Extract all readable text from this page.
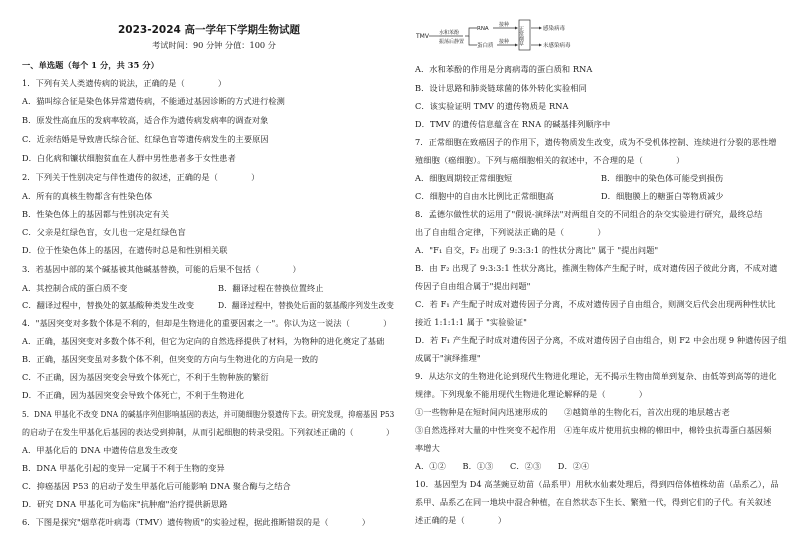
2023-2024 高一学年下学期生物试题
考试时间：90 分钟 分值：100 分
一、单选题（每个 1 分，共 35 分）
1．下列有关人类遗传病的说法，正确的是（　　　　）
A．猫叫综合征是染色体异常遗传病，不能通过基因诊断的方式进行检测
B．原发性高血压的发病率较高，适合作为遗传病发病率的调查对象
C．近亲结婚是导致唐氏综合征、红绿色盲等遗传病发生的主要原因
D．白化病和镰状细胞贫血在人群中男性患者多于女性患者
2．下列关于性别决定与伴性遗传的叙述，正确的是（　　　　）
A．所有的真核生物都含有性染色体
B．性染色体上的基因都与性别决定有关
C．父亲是红绿色盲，女儿也一定是红绿色盲
D．位于性染色体上的基因，在遗传时总是和性别相关联
3．若基因中部的某个碱基被其他碱基替换，可能的后果不包括（　　　　）
A．其控制合成的蛋白质不变	B．翻译过程在替换位置终止
C．翻译过程中，替换处的氨基酸种类发生改变	D．翻译过程中，替换处后面的氨基酸序列发生改变
4．"基因突变对多数个体是不利的，但却是生物进化的重要因素之一"。你认为这一说法（　　　　）
A．正确，基因突变对多数个体不利，但它为定向的自然选择提供了材料，为物种的进化奠定了基础
B．正确，基因突变虽对多数个体不利，但突变的方向与生物进化的方向是一致的
C．不正确，因为基因突变会导致个体死亡，不利于生物种族的繁衍
D．不正确，因为基因突变会导致个体死亡，不利于生物进化
5．DNA 甲基化不改变 DNA 的碱基序列但影响基因的表达，并可随细胞分裂遗传下去。研究发现，抑癌基因 P53
的启动子在发生甲基化后基因的表达受到抑制，从而引起细胞的转录受阻。下列叙述正确的（　　　　）
A．甲基化后的 DNA 中遗传信息发生改变
B．DNA 甲基化引起的变异一定属于不利于生物的变异
C．抑癌基因 P53 的启动子发生甲基化后可能影响 DNA 聚合酶与之结合
D．研究 DNA 甲基化可为临床"抗肿瘤"治疗提供新思路
6．下图是探究"烟草花叶病毒（TMV）遗传物质"的实验过程，据此推断错误的是（　　　　）
TMV 水和苯酚
振荡后静置
RNA
蛋白质
接种
接种 正常烟草	感染病毒
未感染病毒
A．水和苯酚的作用是分离病毒的蛋白质和 RNA
B．设计思路和肺炎链球菌的体外转化实验相同
C．该实验证明 TMV 的遗传物质是 RNA
D．TMV 的遗传信息蕴含在 RNA 的碱基排列顺序中
7．正常细胞在致癌因子的作用下，遗传物质发生改变，成为不受机体控制、连续进行分裂的恶性增
殖细胞（癌细胞）。下列与癌细胞相关的叙述中，不合理的是（　　　　）
A．细胞周期较正常细胞短	B．细胞中的染色体可能受到损伤
C．细胞中的自由水比例比正常细胞高	D．细胞膜上的糖蛋白等物质减少
8．孟德尔做性状的运用了"假说-演绎法"对两组自交的不同组合的杂交实验进行研究，最终总结
出了自由组合定律，下列说法正确的是（　　　　）
A．"F₁ 自交，F₂ 出现了 9:3:3:1 的性状分离比" 属于 "提出问题"
B．由 F₂ 出现了 9:3:3:1 性状分离比，推测生物体产生配子时，成对遗传因子彼此分离，不成对遗
传因子自由组合属于"提出问题"
C．若 F₁ 产生配子时成对遗传因子分离，不成对遗传因子自由组合，则测交后代会出现两种性状比
接近 1:1:1:1 属于 "实验验证"
D．若 F₁ 产生配子时成对遗传因子分离，不成对遗传因子自由组合，则 F2 中会出现 9 种遗传因子组
成属于"演绎推理"
9．从达尔文的生物进化论到现代生物进化理论，无不揭示生物由简单到复杂、由低等到高等的进化
规律。下列现象不能用现代生物进化理论解释的是（　　　　）
①一些物种是在短时间内迅速形成的　　②越简单的生物化石，首次出现的地层越古老
③自然选择对大量的中性突变不起作用　④连年成片使用抗虫棉的棉田中，棉铃虫抗毒蛋白基因频
率增大
A．①②　　B．①③　　C．②③　　D．②④
10．基因型为 D4 高茎豌豆幼苗（品系甲）用秋水仙素处理后，得到四倍体植株幼苗（品系乙），品
系甲、品系乙在同一地块中混合种植，在自然状态下生长、繁殖一代，得到它们的子代。有关叙述
述正确的是（　　　　）
